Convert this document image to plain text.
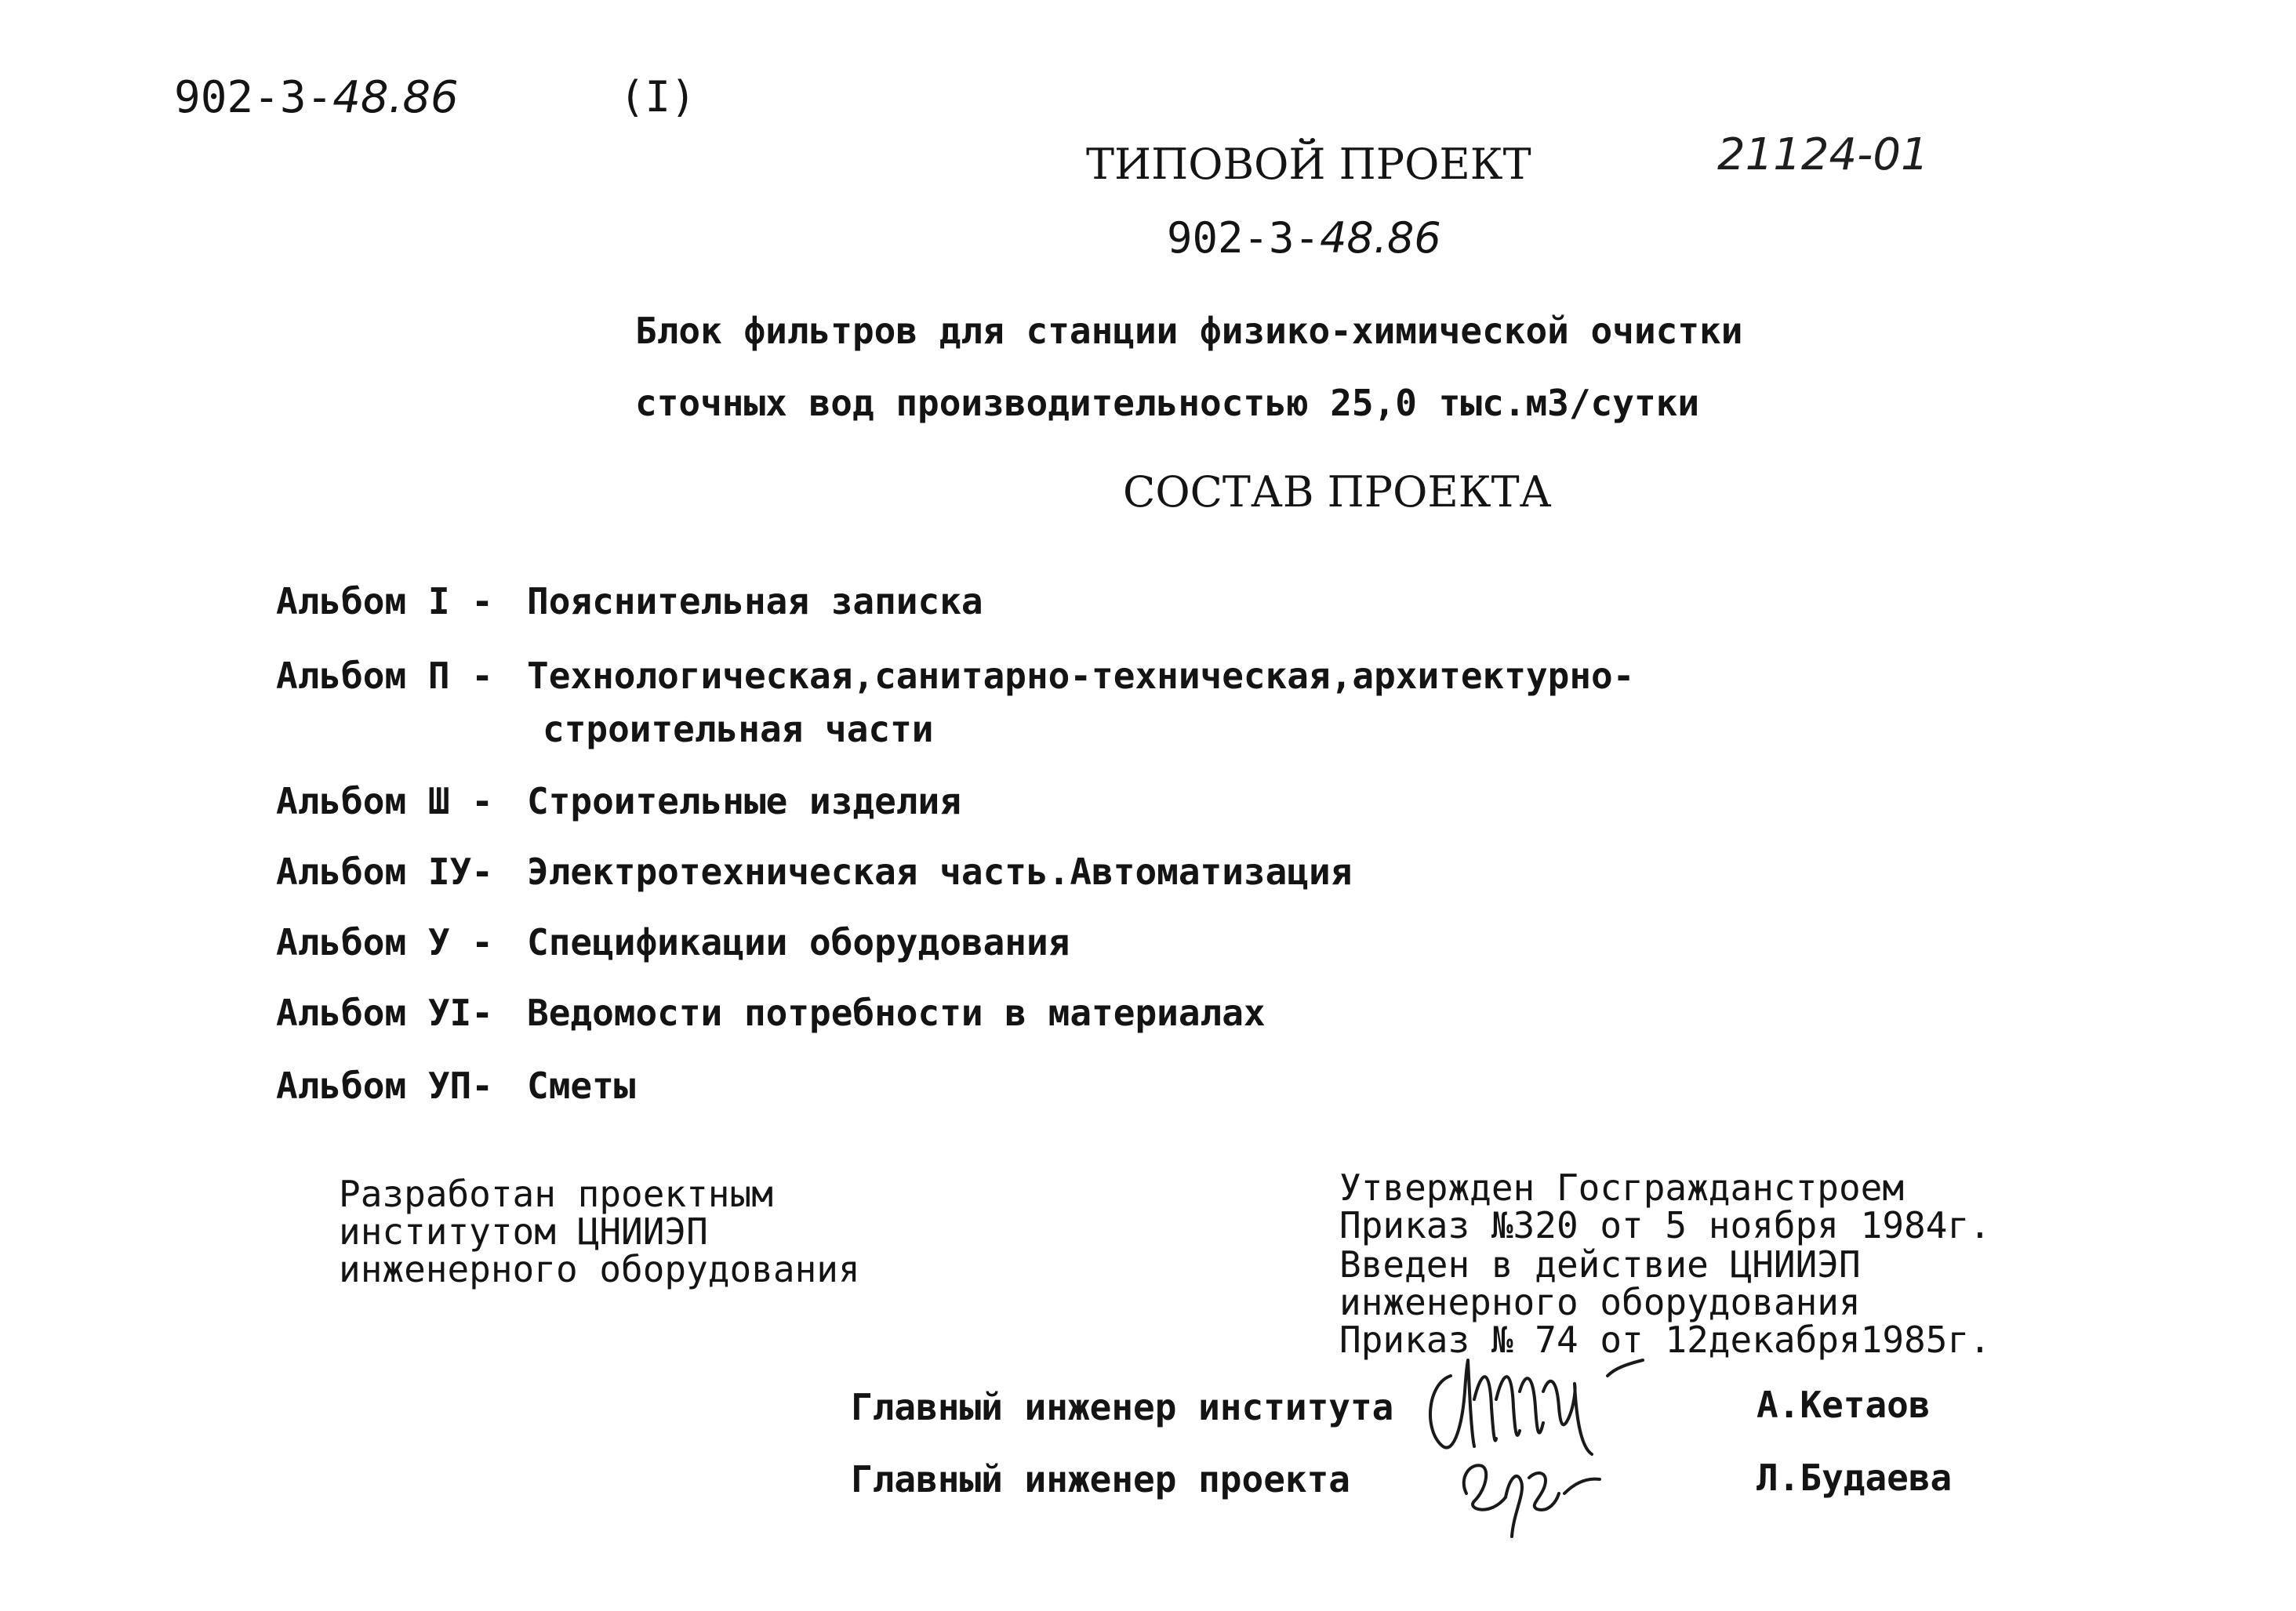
902-3-48.86	(I)
ТИПОВОЙ ПРОЕКТ	21124-01
902-3-48.86
Блок фильтров для станции физико-химической очистки
сточных вод производительностью 25,0 тыс.м3/сутки
СОСТАВ ПРОЕКТА
Альбом I - Пояснительная записка
Альбом П - Технологическая,санитарно-техническая,архитектурно-
строительная части
Альбом Ш - Строительные изделия
Альбом IУ- Электротехническая часть.Автоматизация
Альбом У - Спецификации оборудования
Альбом УI- Ведомости потребности в материалах
Альбом УП- Сметы
Разработан проектным
институтом ЦНИИЭП
инженерного оборудования
Утвержден Госгражданстроем
Приказ №320 от 5 ноября 1984г.
Введен в действие ЦНИИЭП
инженерного оборудования
Приказ № 74 от 12декабря1985г.
Главный инженер института	А.Кетаов
Главный инженер проекта	Л.Будаева
